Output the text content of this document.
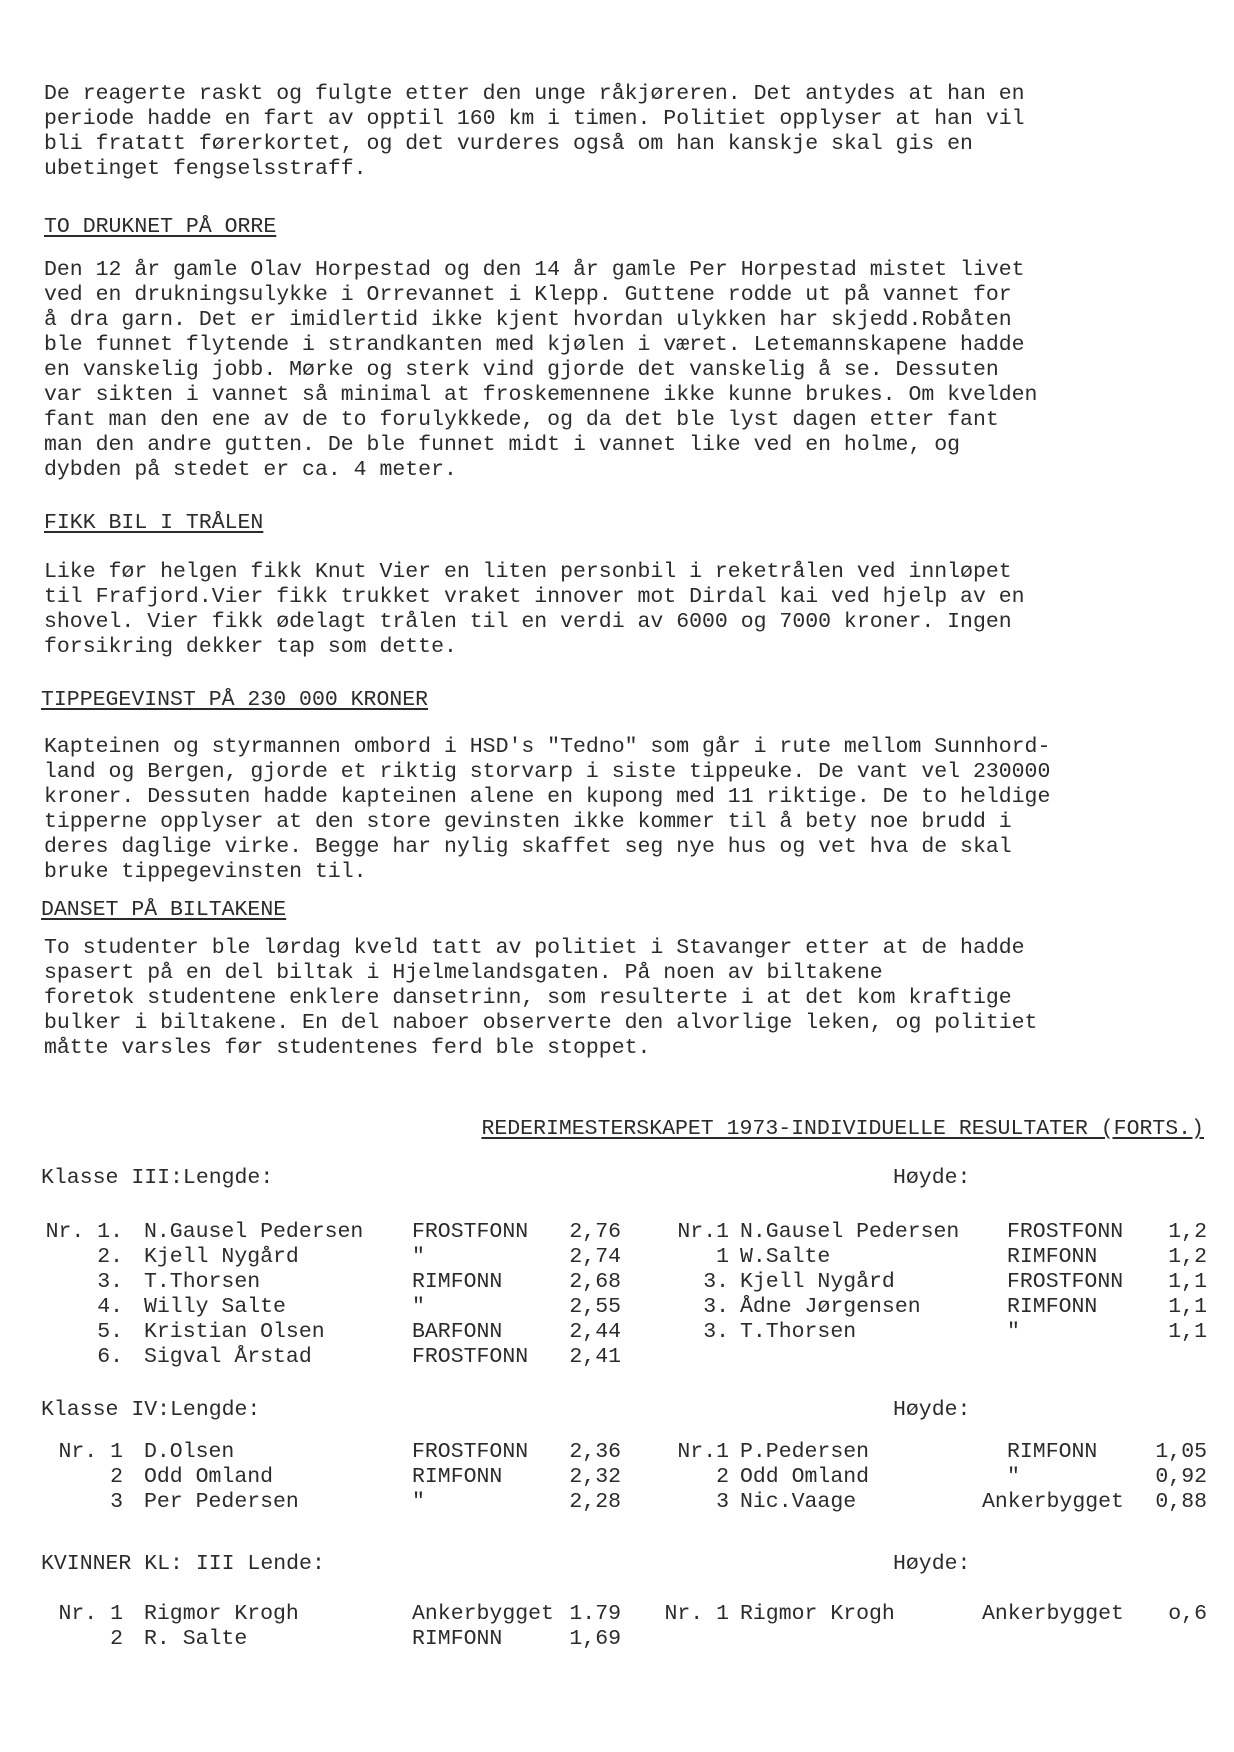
De reagerte raskt og fulgte etter den unge råkjøreren. Det antydes at han en
periode hadde en fart av opptil 160 km i timen. Politiet opplyser at han vil
bli fratatt førerkortet, og det vurderes også om han kanskje skal gis en
ubetinget fengselsstraff.
TO DRUKNET PÅ ORRE
Den 12 år gamle Olav Horpestad og den 14 år gamle Per Horpestad mistet livet
ved en drukningsulykke i Orrevannet i Klepp. Guttene rodde ut på vannet for
å dra garn. Det er imidlertid ikke kjent hvordan ulykken har skjedd.Robåten
ble funnet flytende i strandkanten med kjølen i været. Letemannskapene hadde
en vanskelig jobb. Mørke og sterk vind gjorde det vanskelig å se. Dessuten
var sikten i vannet så minimal at froskemennene ikke kunne brukes. Om kvelden
fant man den ene av de to forulykkede, og da det ble lyst dagen etter fant
man den andre gutten. De ble funnet midt i vannet like ved en holme, og
dybden på stedet er ca. 4 meter.
FIKK BIL I TRÅLEN
Like før helgen fikk Knut Vier en liten personbil i reketrålen ved innløpet
til Frafjord.Vier fikk trukket vraket innover mot Dirdal kai ved hjelp av en
shovel. Vier fikk ødelagt trålen til en verdi av 6000 og 7000 kroner. Ingen
forsikring dekker tap som dette.
TIPPEGEVINST PÅ 230 000 KRONER
Kapteinen og styrmannen ombord i HSD's "Tedno" som går i rute mellom Sunnhord-
land og Bergen, gjorde et riktig storvarp i siste tippeuke. De vant vel 230000
kroner. Dessuten hadde kapteinen alene en kupong med 11 riktige. De to heldige
tipperne opplyser at den store gevinsten ikke kommer til å bety noe brudd i
deres daglige virke. Begge har nylig skaffet seg nye hus og vet hva de skal
bruke tippegevinsten til.
DANSET PÅ BILTAKENE
To studenter ble lørdag kveld tatt av politiet i Stavanger etter at de hadde
spasert på en del biltak i Hjelmelandsgaten. På noen av biltakene
foretok studentene enklere dansetrinn, som resulterte i at det kom kraftige
bulker i biltakene. En del naboer observerte den alvorlige leken, og politiet
måtte varsles før studentenes ferd ble stoppet.
REDERIMESTERSKAPET 1973-INDIVIDUELLE RESULTATER (FORTS.)
Klasse III:Lengde:	Høyde:
Nr. 1. N.Gausel Pedersen FROSTFONN 2,76
2. Kjell Nygård	"	2,74
3. T.Thorsen	RIMFONN	2,68
4. Willy Salte	"	2,55
5. Kristian Olsen	BARFONN	2,44
6. Sigval Årstad	FROSTFONN 2,41
Nr.1 N.Gausel Pedersen FROSTFONN 1,2
1 W.Salte	RIMFONN	1,2
3. Kjell Nygård	FROSTFONN 1,1
3. Ådne Jørgensen	RIMFONN	1,1
3. T.Thorsen	"	1,1
Klasse IV:Lengde:	Høyde:
Nr. 1 D.Olsen	FROSTFONN 2,36
2 Odd Omland	RIMFONN	2,32
3 Per Pedersen	"	2,28
Nr.1 P.Pedersen	RIMFONN	1,05
2 Odd Omland	"	0,92
3 Nic.Vaage	Ankerbygget 0,88
KVINNER KL: III Lende:	Høyde:
Nr. 1 Rigmor Krogh	Ankerbygget 1.79
2 R. Salte	RIMFONN	1,69
Nr. 1 Rigmor Krogh	Ankerbygget o,6
